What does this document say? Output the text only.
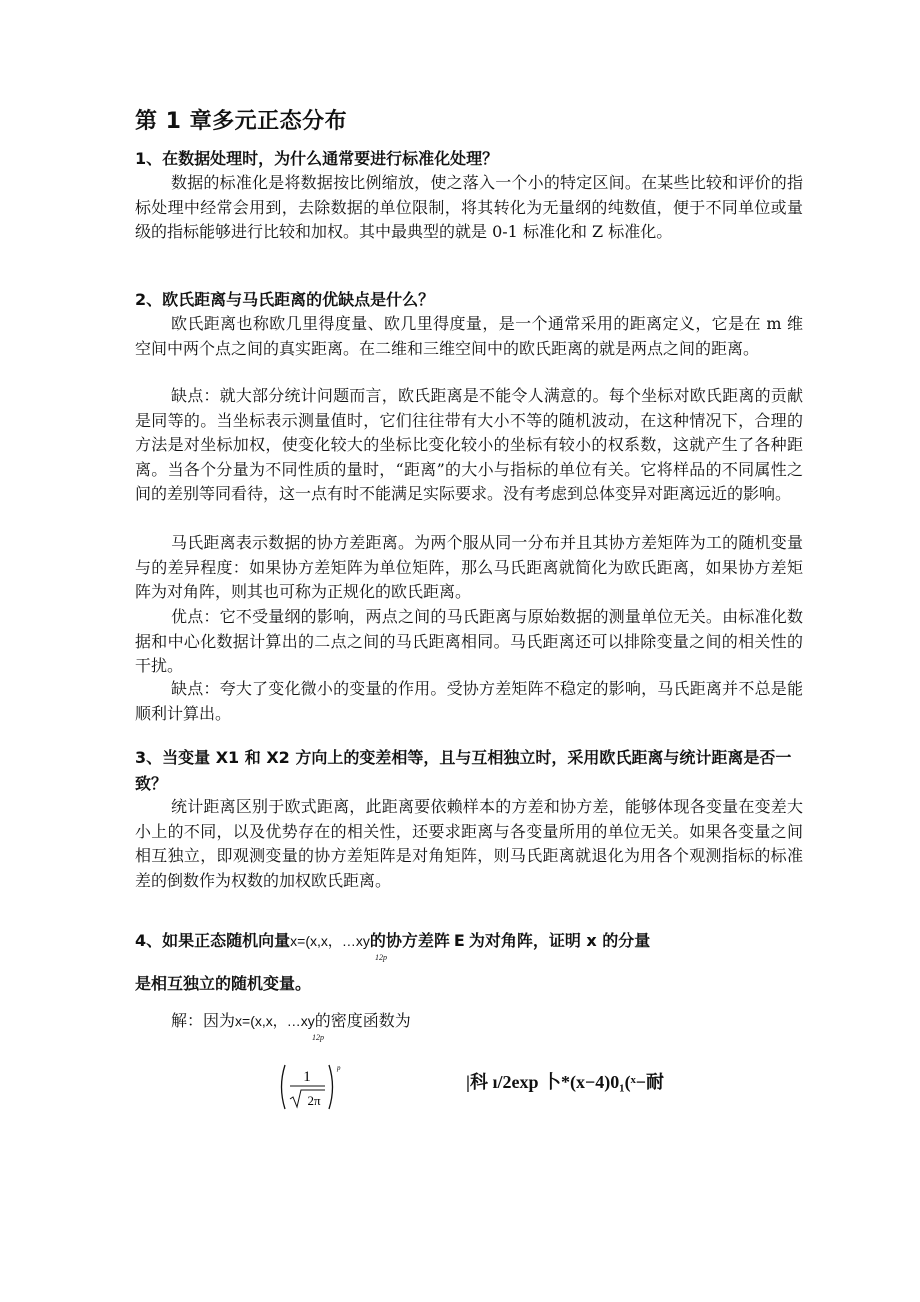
第 1 章多元正态分布
1、在数据处理时，为什么通常要进行标准化处理？
数据的标准化是将数据按比例缩放，使之落入一个小的特定区间。在某些比较和评价的指标处理中经常会用到，去除数据的单位限制，将其转化为无量纲的纯数值，便于不同单位或量级的指标能够进行比较和加权。其中最典型的就是 0-1 标准化和 Z 标准化。
2、欧氏距离与马氏距离的优缺点是什么？
欧氏距离也称欧几里得度量、欧几里得度量，是一个通常采用的距离定义，它是在 m 维空间中两个点之间的真实距离。在二维和三维空间中的欧氏距离的就是两点之间的距离。
缺点：就大部分统计问题而言，欧氏距离是不能令人满意的。每个坐标对欧氏距离的贡献是同等的。当坐标表示测量值时，它们往往带有大小不等的随机波动，在这种情况下，合理的方法是对坐标加权，使变化较大的坐标比变化较小的坐标有较小的权系数，这就产生了各种距离。当各个分量为不同性质的量时，“距离”的大小与指标的单位有关。它将样品的不同属性之间的差别等同看待，这一点有时不能满足实际要求。没有考虑到总体变异对距离远近的影响。
马氏距离表示数据的协方差距离。为两个服从同一分布并且其协方差矩阵为工的随机变量与的差异程度：如果协方差矩阵为单位矩阵，那么马氏距离就简化为欧氏距离，如果协方差矩阵为对角阵，则其也可称为正规化的欧氏距离。
优点：它不受量纲的影响，两点之间的马氏距离与原始数据的测量单位无关。由标准化数据和中心化数据计算出的二点之间的马氏距离相同。马氏距离还可以排除变量之间的相关性的干扰。
缺点：夸大了变化微小的变量的作用。受协方差矩阵不稳定的影响，马氏距离并不总是能顺利计算出。
3、当变量 X1 和 X2 方向上的变差相等，且与互相独立时，采用欧氏距离与统计距离是否一致？
统计距离区别于欧式距离，此距离要依赖样本的方差和协方差，能够体现各变量在变差大小上的不同，以及优势存在的相关性，还要求距离与各变量所用的单位无关。如果各变量之间相互独立，即观测变量的协方差矩阵是对角矩阵，则马氏距离就退化为用各个观测指标的标准差的倒数作为权数的加权欧氏距离。
4、如果正态随机向量x=(x,x，…xy的协方差阵 E 为对角阵，证明 x 的分量
12p
是相互独立的随机变量。
解：因为x=(x,x，…xy的密度函数为
12p
1
2π
p
|科 ı/2exp 卜*(x−4)0₁(ˣ−耐
